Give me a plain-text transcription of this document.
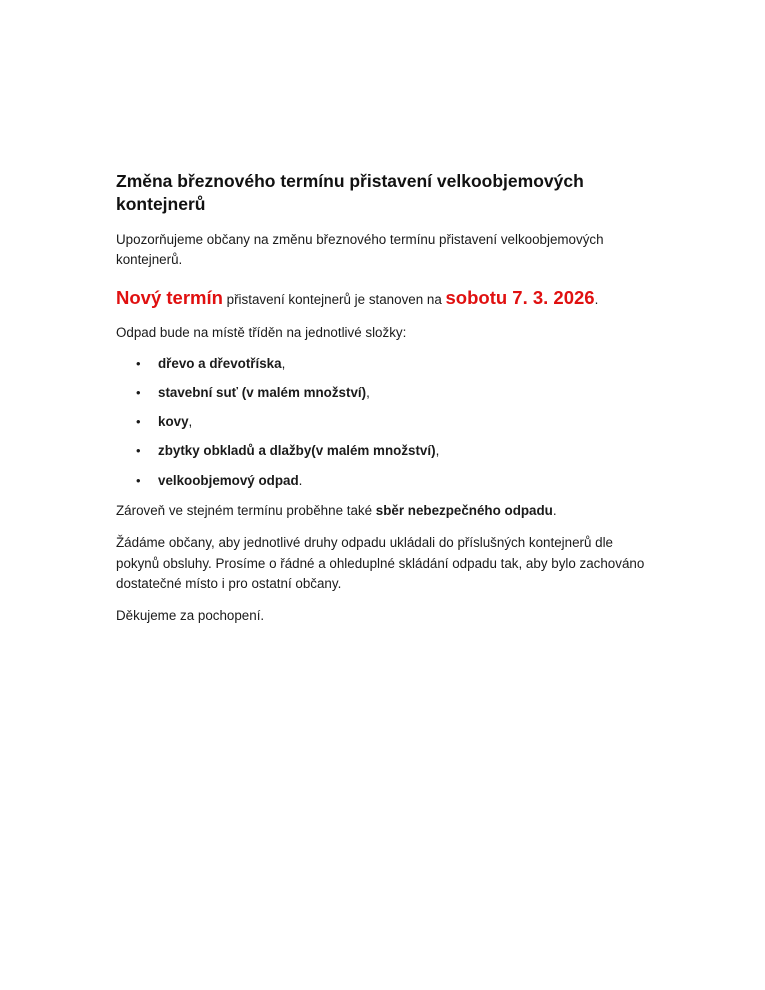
Změna březnového termínu přistavení velkoobjemových kontejnerů

Upozorňujeme občany na změnu březnového termínu přistavení velkoobjemových kontejnerů.

Nový termín přistavení kontejnerů je stanoven na sobotu 7. 3. 2026.

Odpad bude na místě tříděn na jednotlivé složky:

• dřevo a dřevotříska,
• stavební suť (v malém množství),
• kovy,
• zbytky obkladů a dlažby(v malém množství),
• velkoobjemový odpad.

Zároveň ve stejném termínu proběhne také sběr nebezpečného odpadu.

Žádáme občany, aby jednotlivé druhy odpadu ukládali do příslušných kontejnerů dle pokynů obsluhy. Prosíme o řádné a ohleduplné skládání odpadu tak, aby bylo zachováno dostatečné místo i pro ostatní občany.

Děkujeme za pochopení.
